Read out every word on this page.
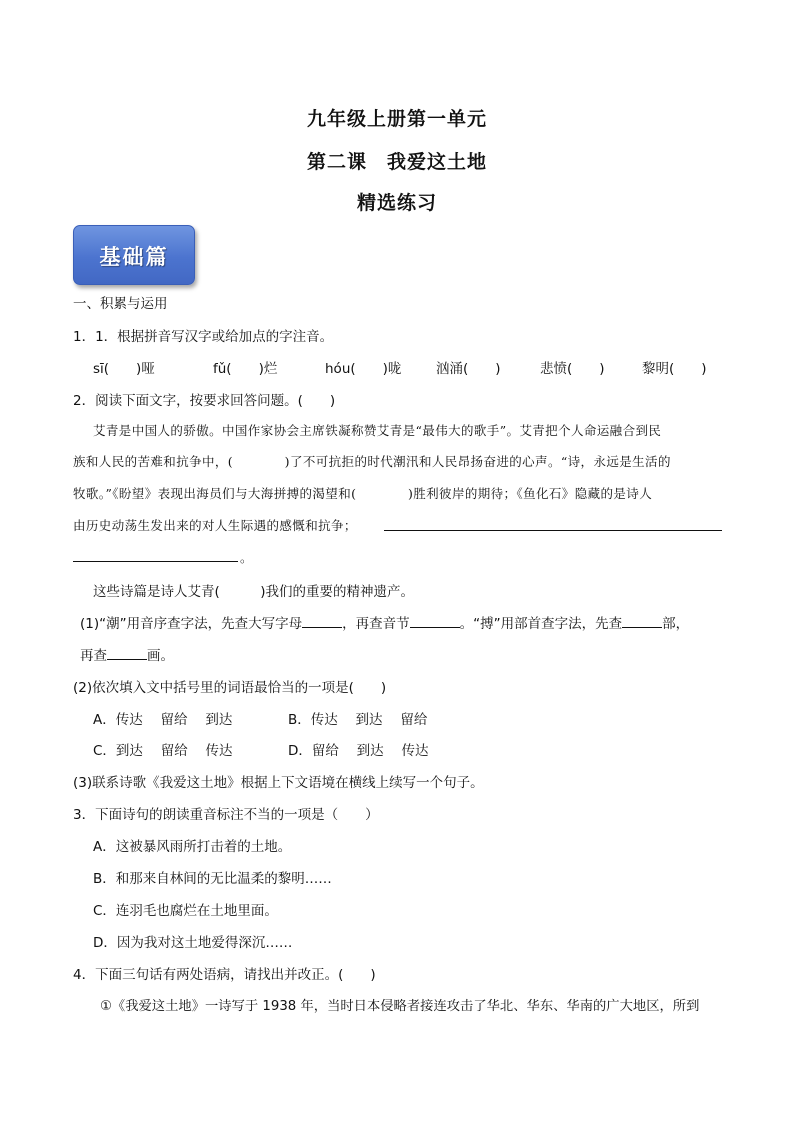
九年级上册第一单元
第二课　我爱这土地
精选练习
基础篇
一、积累与运用
1．1．根据拼音写汉字或给加点的字注音。
sī(　　)哑	fǔ(　　)烂	hóu(　　)咙	汹涌(　　)	悲愤(　　)	黎明(　　)
2．阅读下面文字，按要求回答问题。(　　)
艾青是中国人的骄傲。中国作家协会主席铁凝称赞艾青是“最伟大的歌手”。艾青把个人命运融合到民
族和人民的苦难和抗争中，(　　　　)了不可抗拒的时代潮汛和人民昂扬奋进的心声。“诗，永远是生活的
牧歌。”《盼望》表现出海员们与大海拼搏的渴望和(　　　　)胜利彼岸的期待；《鱼化石》隐藏的是诗人
由历史动荡生发出来的对人生际遇的感慨和抗争；
。
这些诗篇是诗人艾青(　　　)我们的重要的精神遗产。
(1)“潮”用音序查字法，先查大写字母	，再查音节	。“搏”用部首查字法，先查	部，
再查	画。
(2)依次填入文中括号里的词语最恰当的一项是(　　)
A．传达　 留给　 到达	B．传达　 到达　 留给
C．到达　 留给　 传达	D．留给　 到达　 传达
(3)联系诗歌《我爱这土地》根据上下文语境在横线上续写一个句子。
3．下面诗句的朗读重音标注不当的一项是（　　）
A．这被暴风雨所打击着的土地。
B．和那来自林间的无比温柔的黎明……
C．连羽毛也腐烂在土地里面。
D．因为我对这土地爱得深沉……
4．下面三句话有两处语病，请找出并改正。(　　)
①《我爱这土地》一诗写于 1938 年，当时日本侵略者接连攻击了华北、华东、华南的广大地区，所到
